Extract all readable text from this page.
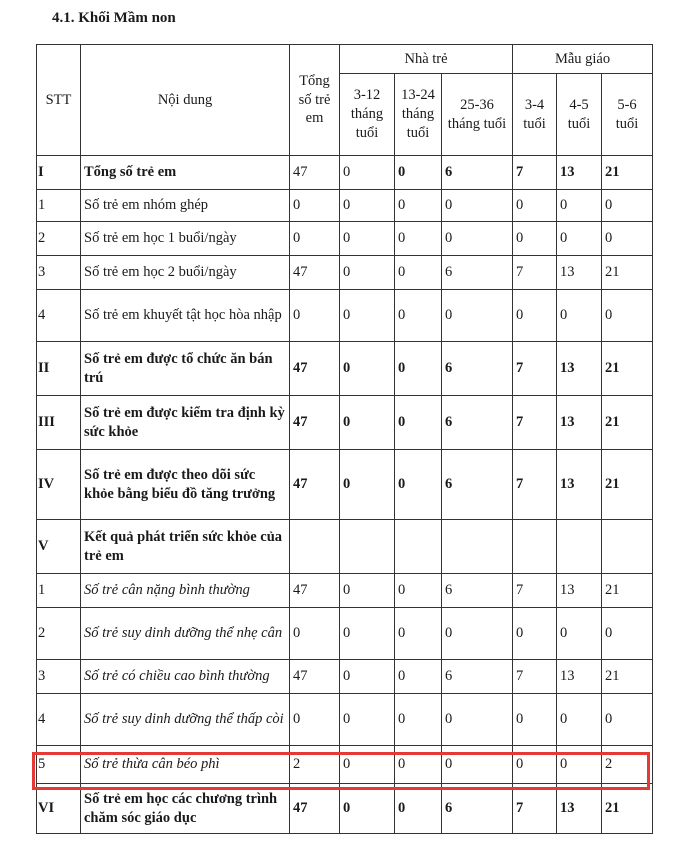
4.1. Khối Mầm non
STT	Nội dung	Tổng số trẻ em	Nhà trẻ			Mẫu giáo		
			3-12 tháng tuổi	13-24 tháng tuổi	25-36 tháng tuổi	3-4 tuổi	4-5 tuổi	5-6 tuổi
I	Tổng số trẻ em	47	0	0	6	7	13	21
1	Số trẻ em nhóm ghép	0	0	0	0	0	0	0
2	Số trẻ em học 1 buổi/ngày	0	0	0	0	0	0	0
3	Số trẻ em học 2 buổi/ngày	47	0	0	6	7	13	21
4	Số trẻ em khuyết tật học hòa nhập	0	0	0	0	0	0	0
II	Số trẻ em được tổ chức ăn bán trú	47	0	0	6	7	13	21
III	Số trẻ em được kiểm tra định kỳ sức khỏe	47	0	0	6	7	13	21
IV	Số trẻ em được theo dõi sức khỏe bằng biểu đồ tăng trưởng	47	0	0	6	7	13	21
V	Kết quả phát triển sức khỏe của trẻ em							
1	Số trẻ cân nặng bình thường	47	0	0	6	7	13	21
2	Số trẻ suy dinh dưỡng thể nhẹ cân	0	0	0	0	0	0	0
3	Số trẻ có chiều cao bình thường	47	0	0	6	7	13	21
4	Số trẻ suy dinh dưỡng thể thấp còi	0	0	0	0	0	0	0
5	Số trẻ thừa cân béo phì	2	0	0	0	0	0	2
VI	Số trẻ em học các chương trình chăm sóc giáo dục	47	0	0	6	7	13	21
